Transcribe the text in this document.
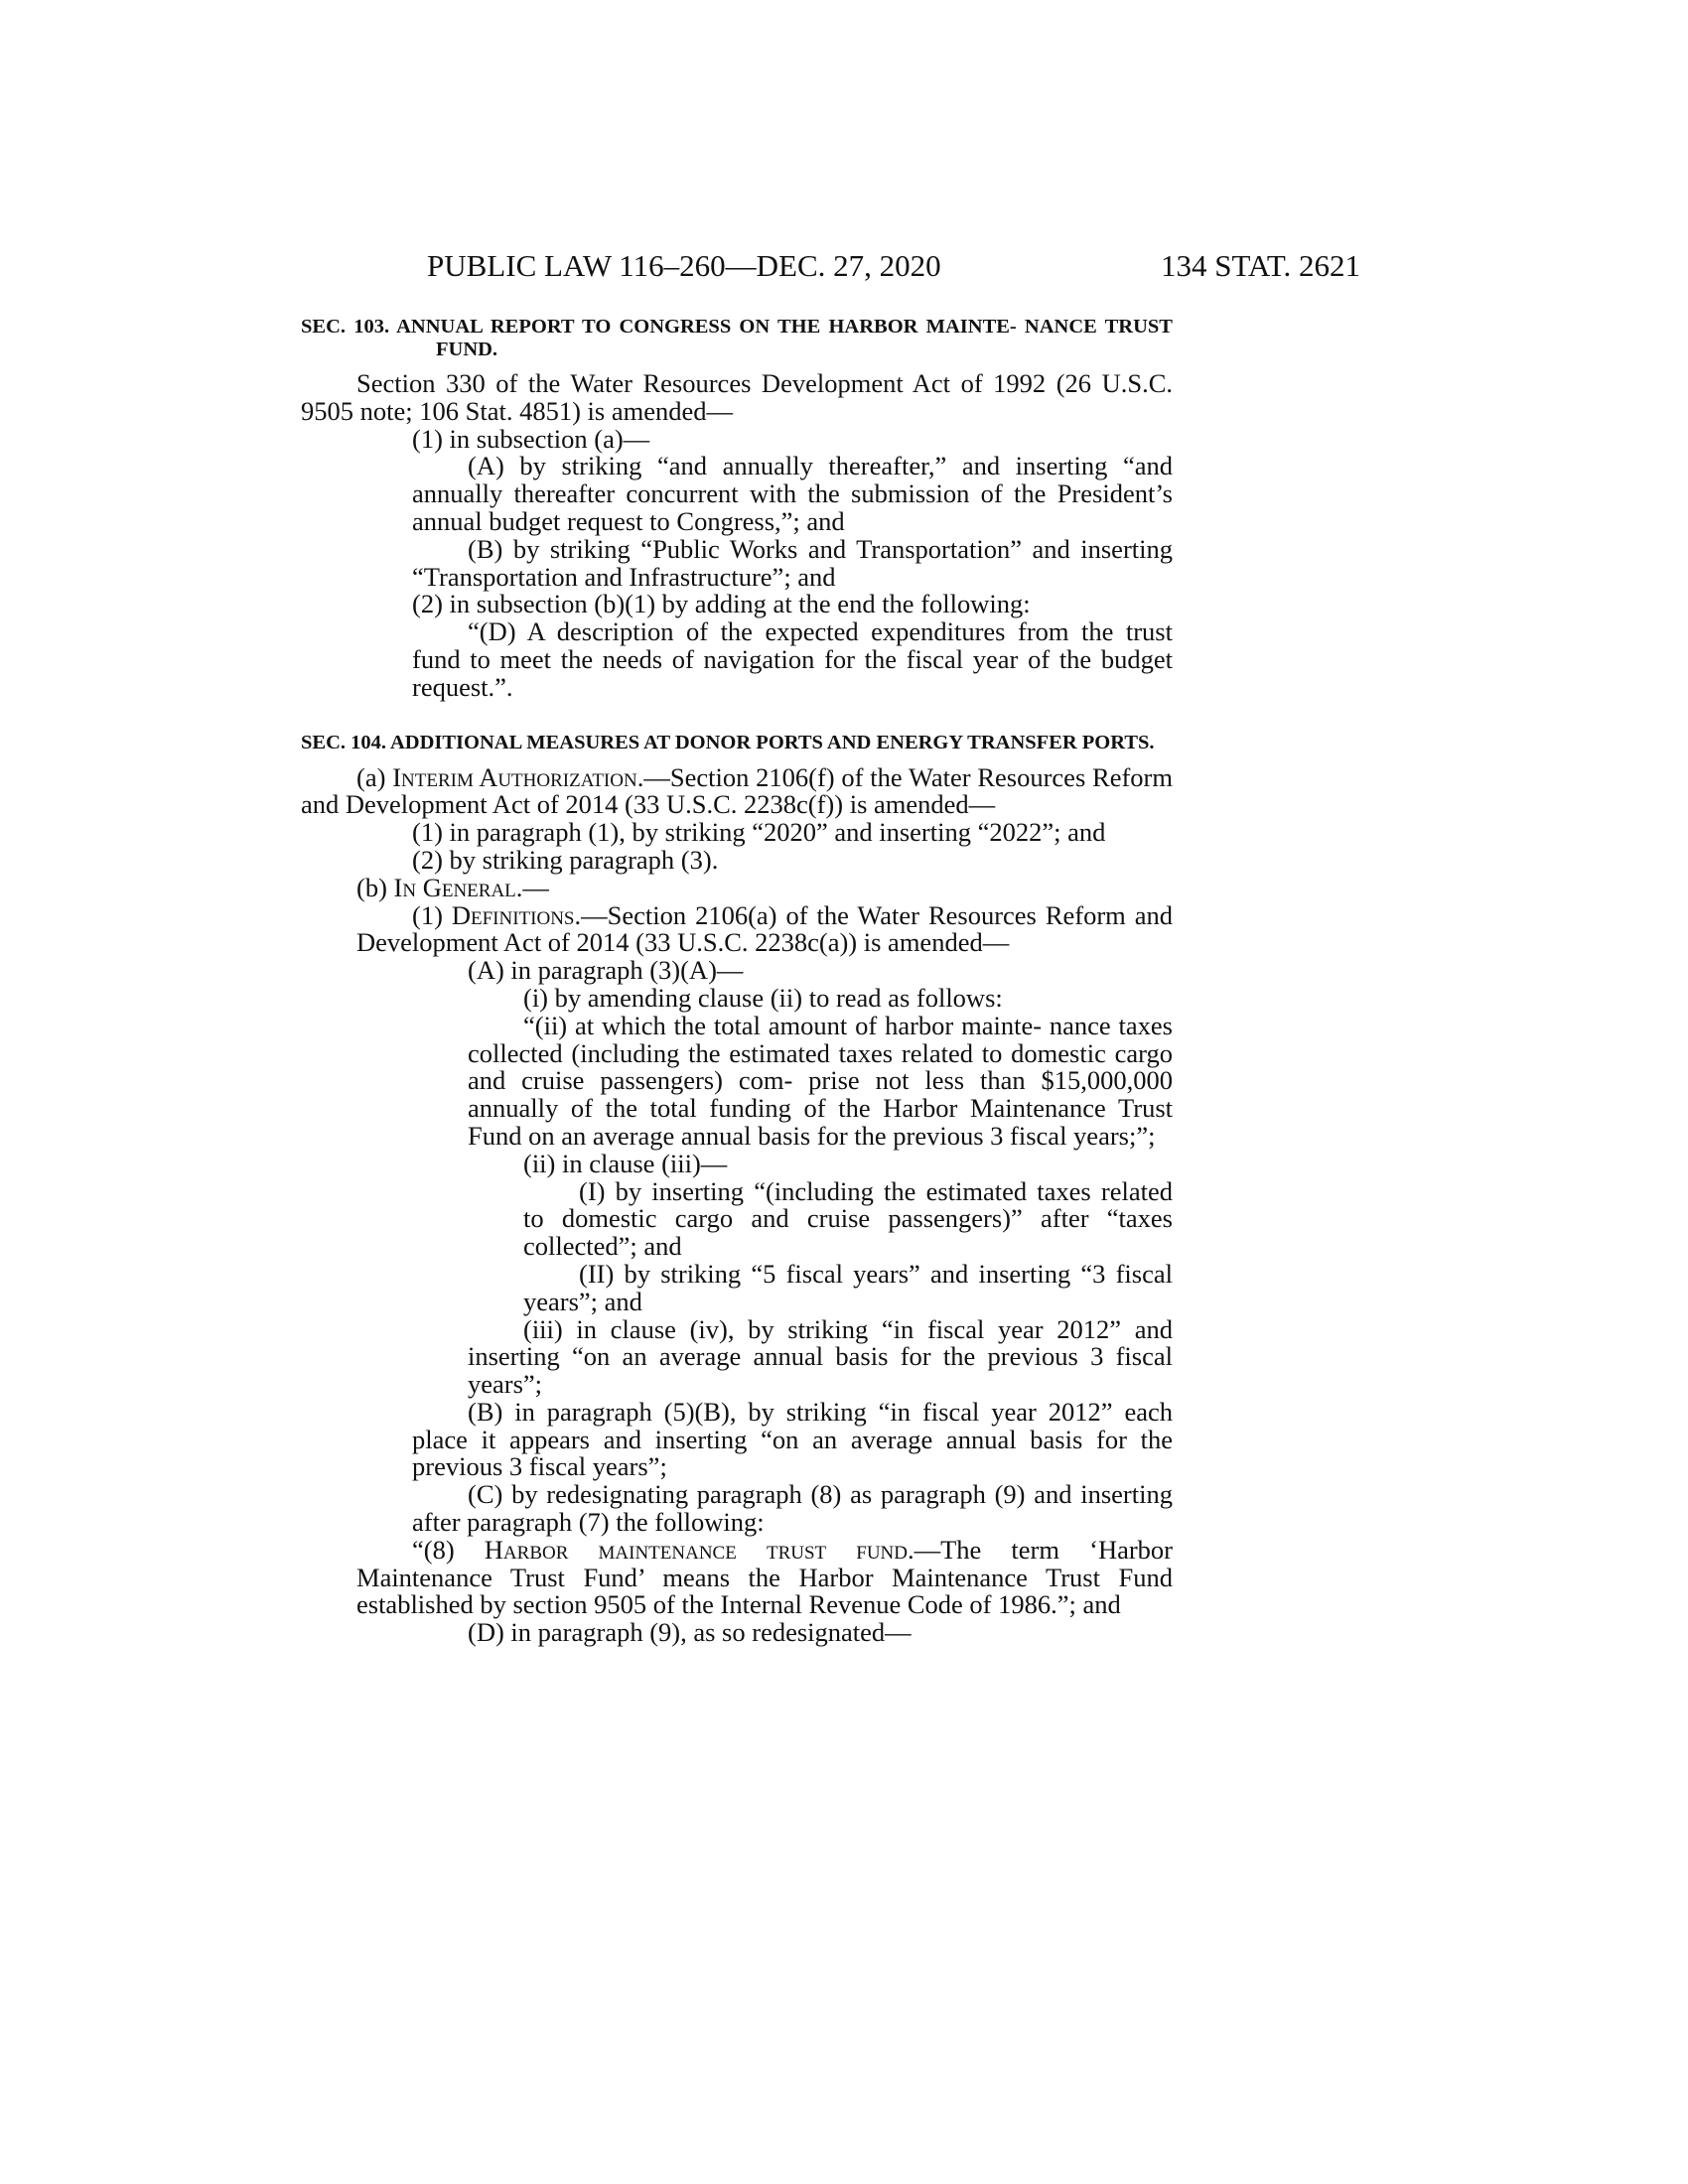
PUBLIC LAW 116–260—DEC. 27, 2020	134 STAT. 2621

SEC. 103. ANNUAL REPORT TO CONGRESS ON THE HARBOR MAINTE- NANCE TRUST FUND.

Section 330 of the Water Resources Development Act of 1992 (26 U.S.C. 9505 note; 106 Stat. 4851) is amended—

(1) in subsection (a)—

(A) by striking “and annually thereafter,” and inserting “and annually thereafter concurrent with the submission of the President’s annual budget request to Congress,”; and

(B) by striking “Public Works and Transportation” and inserting “Transportation and Infrastructure”; and

(2) in subsection (b)(1) by adding at the end the following:

“(D) A description of the expected expenditures from the trust fund to meet the needs of navigation for the fiscal year of the budget request.”.

SEC. 104. ADDITIONAL MEASURES AT DONOR PORTS AND ENERGY TRANSFER PORTS.

(a) Interim Authorization.—Section 2106(f) of the Water Resources Reform and Development Act of 2014 (33 U.S.C. 2238c(f)) is amended—

(1) in paragraph (1), by striking “2020” and inserting “2022”; and

(2) by striking paragraph (3).

(b) In General.—

(1) Definitions.—Section 2106(a) of the Water Resources Reform and Development Act of 2014 (33 U.S.C. 2238c(a)) is amended—

(A) in paragraph (3)(A)—

(i) by amending clause (ii) to read as follows:

“(ii) at which the total amount of harbor mainte- nance taxes collected (including the estimated taxes related to domestic cargo and cruise passengers) com- prise not less than $15,000,000 annually of the total funding of the Harbor Maintenance Trust Fund on an average annual basis for the previous 3 fiscal years;”;

(ii) in clause (iii)—

(I) by inserting “(including the estimated taxes related to domestic cargo and cruise passengers)” after “taxes collected”; and

(II) by striking “5 fiscal years” and inserting “3 fiscal years”; and

(iii) in clause (iv), by striking “in fiscal year 2012” and inserting “on an average annual basis for the previous 3 fiscal years”;

(B) in paragraph (5)(B), by striking “in fiscal year 2012” each place it appears and inserting “on an average annual basis for the previous 3 fiscal years”;

(C) by redesignating paragraph (8) as paragraph (9) and inserting after paragraph (7) the following:

“(8) Harbor maintenance trust fund.—The term ‘Harbor Maintenance Trust Fund’ means the Harbor Maintenance Trust Fund established by section 9505 of the Internal Revenue Code of 1986.”; and

(D) in paragraph (9), as so redesignated—
